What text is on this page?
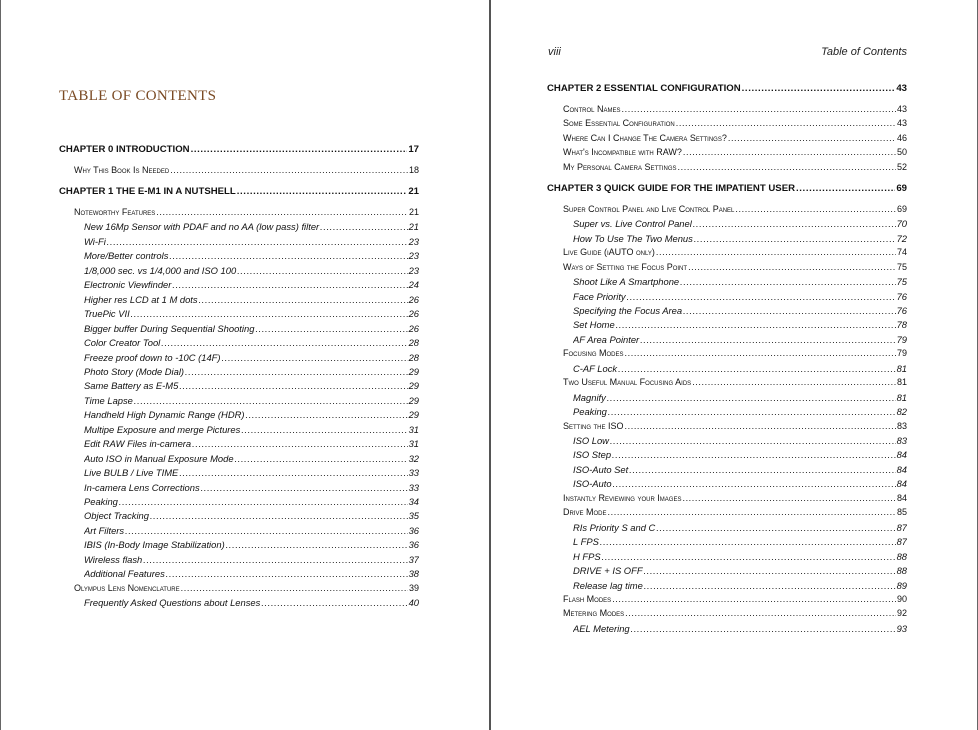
TABLE OF CONTENTS
CHAPTER 0 INTRODUCTION .....	17
Why This Book Is Needed .....	18
CHAPTER 1 THE E-M1 IN A NUTSHELL .....	21
Noteworthy Features .....	21
New 16Mp Sensor with PDAF and no AA (low pass) filter .....	21
Wi-Fi .....	23
More/Better controls .....	23
1/8,000 sec. vs 1/4,000 and ISO 100 .....	23
Electronic Viewfinder .....	24
Higher res LCD at 1 M dots .....	26
TruePic VII .....	26
Bigger buffer During Sequential Shooting .....	26
Color Creator Tool .....	28
Freeze proof down to -10C (14F) .....	28
Photo Story (Mode Dial) .....	29
Same Battery as E-M5 .....	29
Time Lapse .....	29
Handheld High Dynamic Range (HDR) .....	29
Multipe Exposure and merge Pictures .....	31
Edit RAW Files in-camera .....	31
Auto ISO in Manual Exposure Mode .....	32
Live BULB / Live TIME .....	33
In-camera Lens Corrections .....	33
Peaking .....	34
Object Tracking .....	35
Art Filters .....	36
IBIS (In-Body Image Stabilization) .....	36
Wireless flash .....	37
Additional Features .....	38
Olympus Lens Nomenclature .....	39
Frequently Asked Questions about Lenses .....	40
viii	Table of Contents
CHAPTER 2 ESSENTIAL CONFIGURATION .....	43
Control Names .....	43
Some Essential Configuration .....	43
Where Can I Change The Camera Settings? .....	46
What's Incompatible with RAW? .....	50
My Personal Camera Settings .....	52
CHAPTER 3 QUICK GUIDE FOR THE IMPATIENT USER .....	69
Super Control Panel and Live Control Panel .....	69
Super vs. Live Control Panel .....	70
How To Use The Two Menus .....	72
Live Guide (iAUTO only) .....	74
Ways of Setting the Focus Point .....	75
Shoot Like A Smartphone .....	75
Face Priority .....	76
Specifying the Focus Area .....	76
Set Home .....	78
AF Area Pointer .....	79
Focusing Modes .....	79
C-AF Lock .....	81
Two Useful Manual Focusing Aids .....	81
Magnify .....	81
Peaking .....	82
Setting the ISO .....	83
ISO Low .....	83
ISO Step .....	84
ISO-Auto Set .....	84
ISO-Auto .....	84
Instantly Reviewing your Images .....	84
Drive Mode .....	85
RIs Priority S and C .....	87
L FPS .....	87
H FPS .....	88
DRIVE + IS OFF .....	88
Release lag time .....	89
Flash Modes .....	90
Metering Modes .....	92
AEL Metering .....	93
